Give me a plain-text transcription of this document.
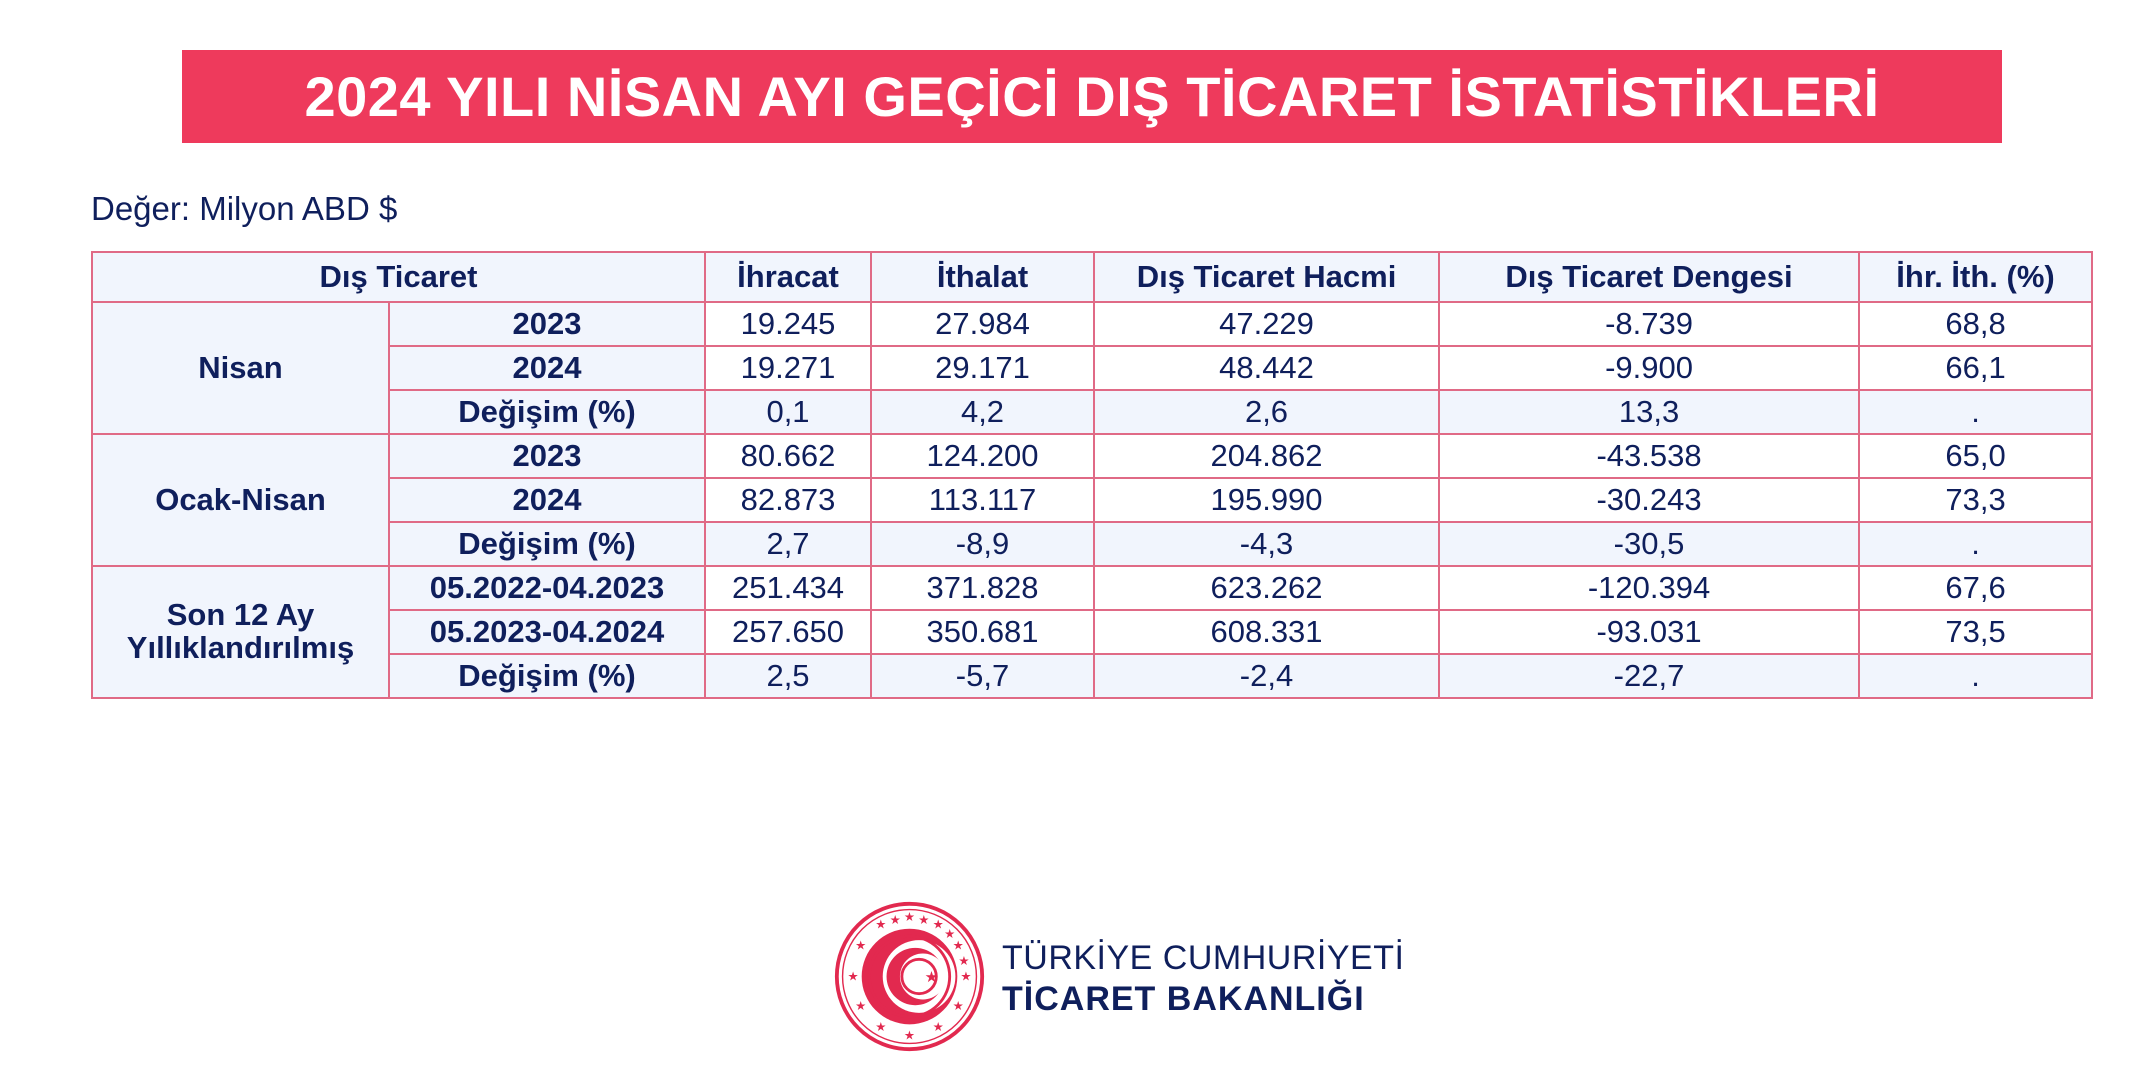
2024 YILI NİSAN AYI GEÇİCİ DIŞ TİCARET İSTATİSTİKLERİ
Değer: Milyon ABD $
Dış Ticaret		İhracat	İthalat	Dış Ticaret Hacmi	Dış Ticaret Dengesi	İhr. İth. (%)
Nisan	2023	19.245	27.984	47.229	-8.739	68,8
	2024	19.271	29.171	48.442	-9.900	66,1
	Değişim (%)	0,1	4,2	2,6	13,3	.
Ocak-Nisan	2023	80.662	124.200	204.862	-43.538	65,0
	2024	82.873	113.117	195.990	-30.243	73,3
	Değişim (%)	2,7	-8,9	-4,3	-30,5	.
Son 12 Ay
Yıllıklandırılmış	05.2022-04.2023	251.434	371.828	623.262	-120.394	67,6
	05.2023-04.2024	257.650	350.681	608.331	-93.031	73,5
	Değişim (%)	2,5	-5,7	-2,4	-22,7	.
★
★
★
★
★
★
★
★
★
★
★
★ ★ ★
★
★
★
TÜRKİYE CUMHURİYETİ
TİCARET BAKANLIĞI
